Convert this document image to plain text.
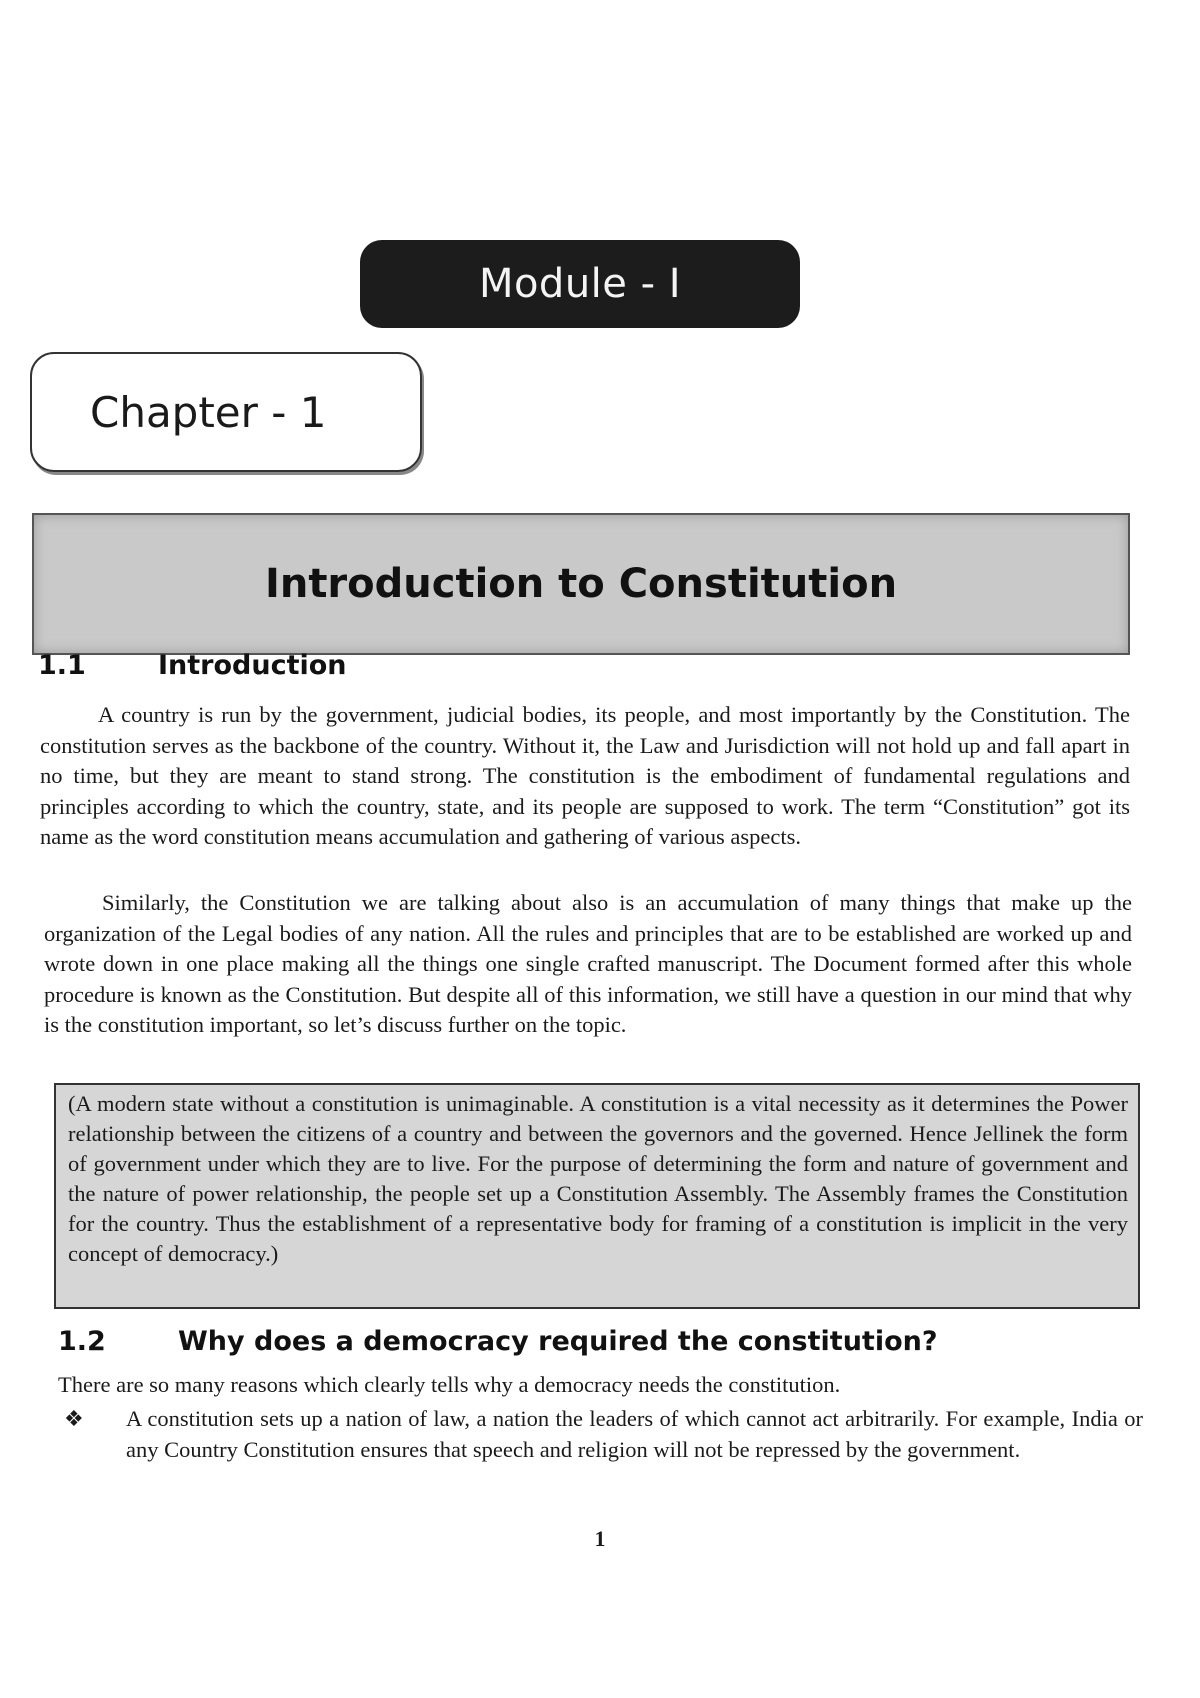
Module - I
Chapter - 1
Introduction to Constitution
1.1	Introduction

A country is run by the government, judicial bodies, its people, and most importantly by the Constitution. The constitution serves as the backbone of the country. Without it, the Law and Jurisdiction will not hold up and fall apart in no time, but they are meant to stand strong. The constitution is the embodiment of fundamental regulations and principles according to which the country, state, and its people are supposed to work. The term “Constitution” got its name as the word constitution means accumulation and gathering of various aspects.

Similarly, the Constitution we are talking about also is an accumulation of many things that make up the organization of the Legal bodies of any nation. All the rules and principles that are to be established are worked up and wrote down in one place making all the things one single crafted manuscript. The Document formed after this whole procedure is known as the Constitution. But despite all of this information, we still have a question in our mind that why is the constitution important, so let’s discuss further on the topic.

(A modern state without a constitution is unimaginable. A constitution is a vital necessity as it determines the Power relationship between the citizens of a country and between the governors and the governed. Hence Jellinek the form of government under which they are to live. For the purpose of determining the form and nature of government and the nature of power relationship, the people set up a Constitution Assembly. The Assembly frames the Constitution for the country. Thus the establishment of a representative body for framing of a constitution is implicit in the very concept of democracy.)
1.2	Why does a democracy required the constitution?

There are so many reasons which clearly tells why a democracy needs the constitution.

❖	A constitution sets up a nation of law, a nation the leaders of which cannot act arbitrarily. For example, India or any Country Constitution ensures that speech and religion will not be repressed by the government.
1
